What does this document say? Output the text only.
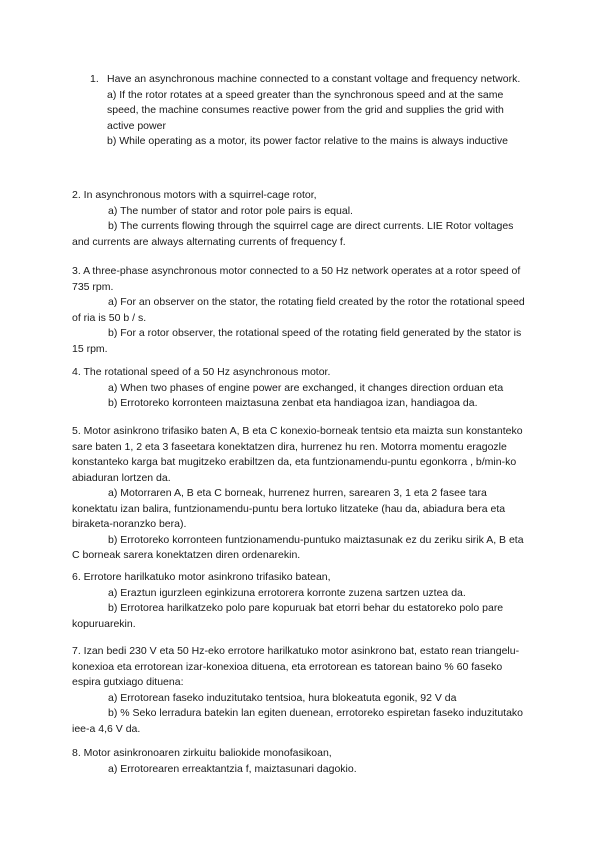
1. Have an asynchronous machine connected to a constant voltage and frequency network.

a) If the rotor rotates at a speed greater than the synchronous speed and at the same speed, the machine consumes reactive power from the grid and supplies the grid with active power

b) While operating as a motor, its power factor relative to the mains is always inductive

2. In asynchronous motors with a squirrel-cage rotor,

a) The number of stator and rotor pole pairs is equal.

b) The currents flowing through the squirrel cage are direct currents. LIE Rotor voltages and currents are always alternating currents of frequency f.

3. A three-phase asynchronous motor connected to a 50 Hz network operates at a rotor speed of 735 rpm.

a) For an observer on the stator, the rotating field created by the rotor the rotational speed of ria is 50 b / s.

b) For a rotor observer, the rotational speed of the rotating field generated by the stator is 15 rpm.

4. The rotational speed of a 50 Hz asynchronous motor.

a) When two phases of engine power are exchanged, it changes direction orduan eta

b) Errotoreko korronteen maiztasuna zenbat eta handiagoa izan, handiagoa da.

5. Motor asinkrono trifasiko baten A, B eta C konexio-borneak tentsio eta maizta sun konstanteko sare baten 1, 2 eta 3 faseetara konektatzen dira, hurrenez hu ren. Motorra momentu eragozle konstanteko karga bat mugitzeko erabiltzen da, eta funtzionamendu-puntu egonkorra , b/min-ko abiaduran lortzen da.

a) Motorraren A, B eta C borneak, hurrenez hurren, sarearen 3, 1 eta 2 fasee tara konektatu izan balira, funtzionamendu-puntu bera lortuko litzateke (hau da, abiadura bera eta biraketa-noranzko bera).

b) Errotoreko korronteen funtzionamendu-puntuko maiztasunak ez du zeriku sirik A, B eta C borneak sarera konektatzen diren ordenarekin.

6. Errotore harilkatuko motor asinkrono trifasiko batean,

a) Eraztun igurzleen eginkizuna errotorera korronte zuzena sartzen uztea da.

b) Errotorea harilkatzeko polo pare kopuruak bat etorri behar du estatoreko polo pare kopuruarekin.

7. Izan bedi 230 V eta 50 Hz-eko errotore harilkatuko motor asinkrono bat, estato rean triangelu-konexioa eta errotorean izar-konexioa dituena, eta errotorean es tatorean baino % 60 faseko espira gutxiago dituena:

a) Errotorean faseko induzitutako tentsioa, hura blokeatuta egonik, 92 V da

b) % Seko lerradura batekin lan egiten duenean, errotoreko espiretan faseko induzitutako iee-a 4,6 V da.

8. Motor asinkronoaren zirkuitu baliokide monofasikoan,

a) Errotorearen erreaktantzia f, maiztasunari dagokio.
